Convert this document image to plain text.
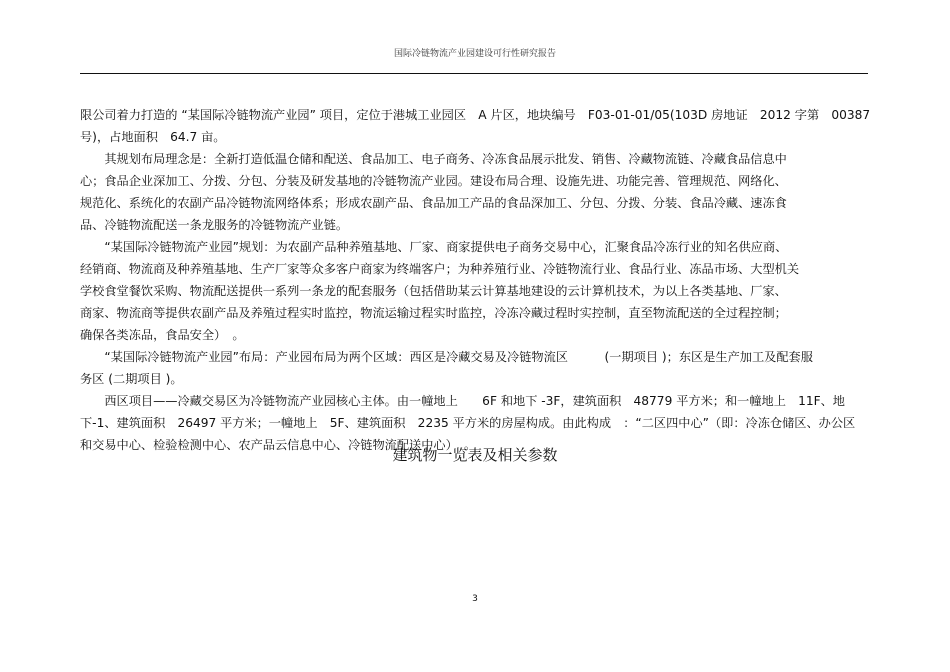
国际冷链物流产业园建设可行性研究报告
限公司着力打造的 “某国际冷链物流产业园” 项目，定位于港城工业园区　A 片区，地块编号　F03-01-01/05(103D 房地证　2012 字第　00387
号)，占地面积　64.7 亩。
　　其规划布局理念是：全新打造低温仓储和配送、食品加工、电子商务、冷冻食品展示批发、销售、冷藏物流链、冷藏食品信息中
心；食品企业深加工、分拨、分包、分装及研发基地的冷链物流产业园。建设布局合理、设施先进、功能完善、管理规范、网络化、
规范化、系统化的农副产品冷链物流网络体系；形成农副产品、食品加工产品的食品深加工、分包、分拨、分装、食品冷藏、速冻食
品、冷链物流配送一条龙服务的冷链物流产业链。
　　“某国际冷链物流产业园”规划：为农副产品种养殖基地、厂家、商家提供电子商务交易中心，汇聚食品冷冻行业的知名供应商、
经销商、物流商及种养殖基地、生产厂家等众多客户商家为终端客户；为种养殖行业、冷链物流行业、食品行业、冻品市场、大型机关
学校食堂餐饮采购、物流配送提供一系列一条龙的配套服务（包括借助某云计算基地建设的云计算机技术，为以上各类基地、厂家、
商家、物流商等提供农副产品及养殖过程实时监控，物流运输过程实时监控，冷冻冷藏过程时实控制，直至物流配送的全过程控制；
确保各类冻品，食品安全）　。
　　“某国际冷链物流产业园”布局：产业园布局为两个区域：西区是冷藏交易及冷链物流区　　　(一期项目 )；东区是生产加工及配套服
务区 (二期项目 )。
　　西区项目——冷藏交易区为冷链物流产业园核心主体。由一幢地上　　6F 和地下 -3F，建筑面积　48779 平方米；和一幢地上　11F、地
下-1、建筑面积　26497 平方米；一幢地上　5F、建筑面积　2235 平方米的房屋构成。由此构成　：“二区四中心”（即：冷冻仓储区、办公区
和交易中心、检验检测中心、农产品云信息中心、冷链物流配送中心）　。
建筑物一览表及相关参数
3
